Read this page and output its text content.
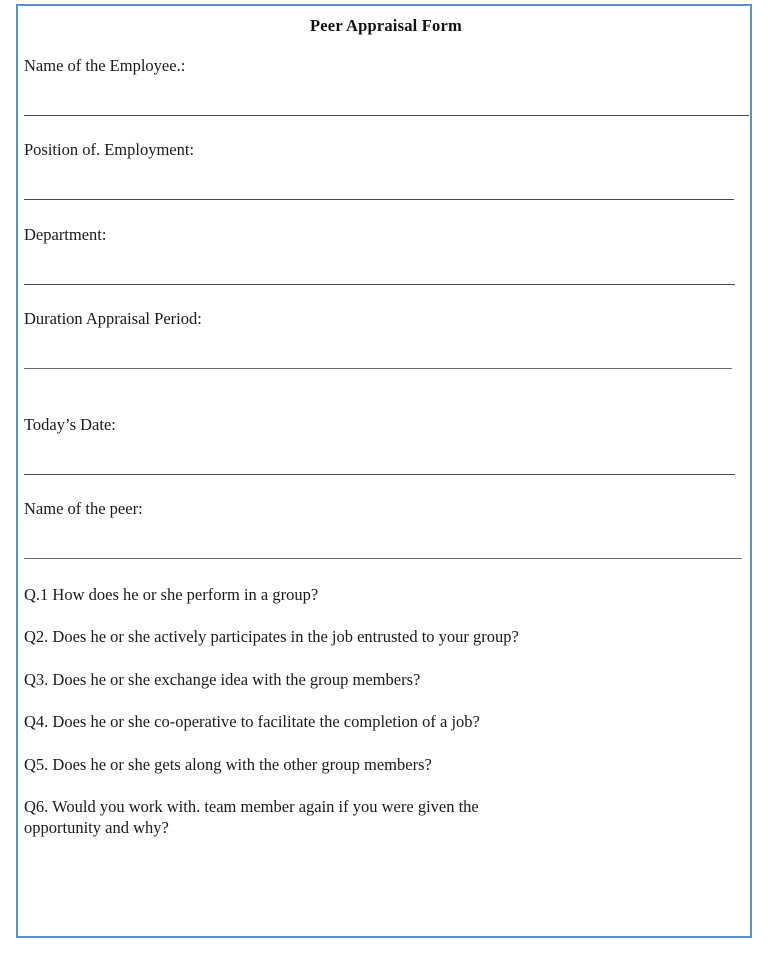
Peer Appraisal Form
Name of the Employee.:
Position of. Employment:
Department:
Duration Appraisal Period:
Today’s Date:
Name of the peer:
Q.1 How does he or she perform in a group?
Q2. Does he or she actively participates in the job entrusted to your group?
Q3. Does he or she exchange idea with the group members?
Q4. Does he or she co-operative to facilitate the completion of a job?
Q5. Does he or she gets along with the other group members?
Q6. Would you work with. team member again if you were given the opportunity and why?
